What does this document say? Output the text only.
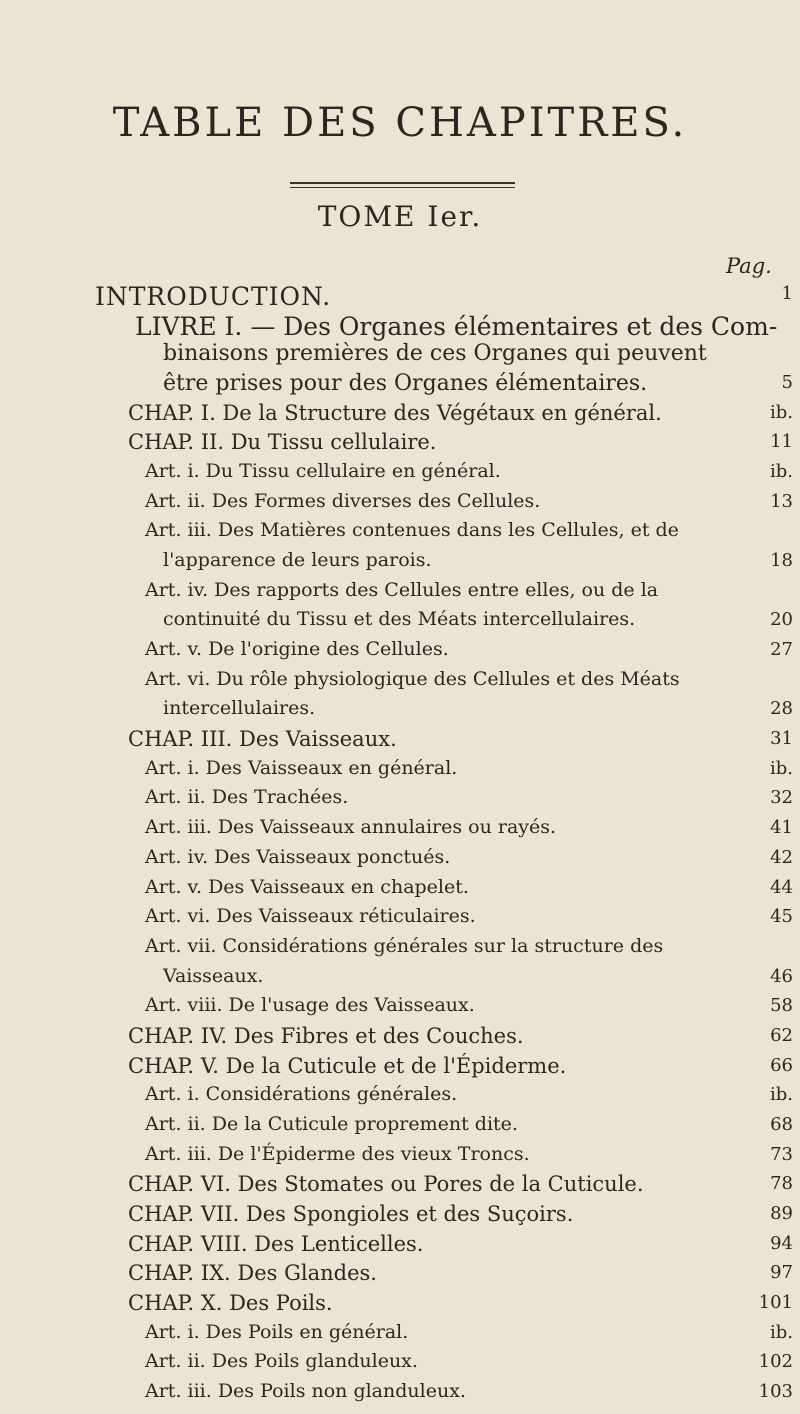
TABLE DES CHAPITRES.
TOME Ier.
Pag.
INTRODUCTION.	1
LIVRE I. — Des Organes élémentaires et des Com-
binaisons premières de ces Organes qui peuvent
être prises pour des Organes élémentaires.	5
CHAP. I. De la Structure des Végétaux en général.	ib.
CHAP. II. Du Tissu cellulaire.	11
Art. i. Du Tissu cellulaire en général.	ib.
Art. ii. Des Formes diverses des Cellules.	13
Art. iii. Des Matières contenues dans les Cellules, et de
l'apparence de leurs parois.	18
Art. iv. Des rapports des Cellules entre elles, ou de la
continuité du Tissu et des Méats intercellulaires.	20
Art. v. De l'origine des Cellules.	27
Art. vi. Du rôle physiologique des Cellules et des Méats
intercellulaires.	28
CHAP. III. Des Vaisseaux.	31
Art. i. Des Vaisseaux en général.	ib.
Art. ii. Des Trachées.	32
Art. iii. Des Vaisseaux annulaires ou rayés.	41
Art. iv. Des Vaisseaux ponctués.	42
Art. v. Des Vaisseaux en chapelet.	44
Art. vi. Des Vaisseaux réticulaires.	45
Art. vii. Considérations générales sur la structure des
Vaisseaux.	46
Art. viii. De l'usage des Vaisseaux.	58
CHAP. IV. Des Fibres et des Couches.	62
CHAP. V. De la Cuticule et de l'Épiderme.	66
Art. i. Considérations générales.	ib.
Art. ii. De la Cuticule proprement dite.	68
Art. iii. De l'Épiderme des vieux Troncs.	73
CHAP. VI. Des Stomates ou Pores de la Cuticule.	78
CHAP. VII. Des Spongioles et des Suçoirs.	89
CHAP. VIII. Des Lenticelles.	94
CHAP. IX. Des Glandes.	97
CHAP. X. Des Poils.	101
Art. i. Des Poils en général.	ib.
Art. ii. Des Poils glanduleux.	102
Art. iii. Des Poils non glanduleux.	103
